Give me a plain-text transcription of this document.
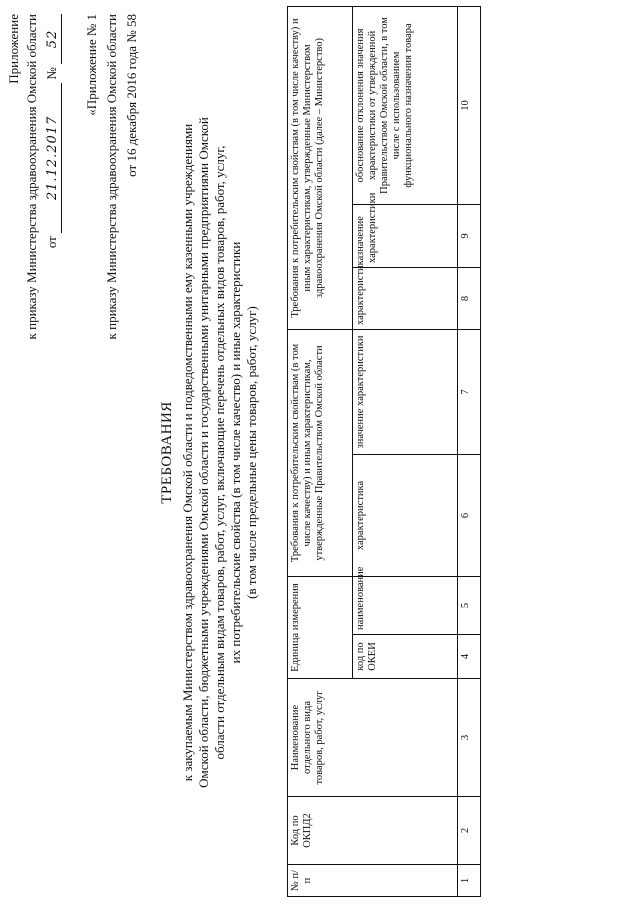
Приложение к приказу Министерства здравоохранения Омской области от 21.12.2017 № 52 «Приложение № 1 к приказу Министерства здравоохранения Омской области от 16 декабря 2016 года № 58
ТРЕБОВАНИЯ к закупаемым Министерством здравоохранения Омской области и подведомственными ему казенными учреждениями Омской области, бюджетными учреждениями Омской области и государственными унитарными предприятиями Омской области отдельным видам товаров, работ, услуг, включающие перечень отдельных видов товаров, работ, услуг, их потребительские свойства (в том числе качество) и иные характеристики (в том числе предельные цены товаров, работ, услуг)
№ п/п	Код по ОКПД2	Наименование отдельного вида товаров, работ, услуг	Единица измерения		Требования к потребительским свойствам (в том числе качеству) и иным характеристикам, утвержденные Правительством Омской области		Требования к потребительским свойствам (в том числе качеству) и иным характеристикам, утвержденные Министерством здравоохранения Омской области (далее – Министерство)		
			код по ОКЕИ	наименование	характеристика	значение характеристики	характеристика	значение характеристики	обоснование отклонения значения характеристики от утвержденной Правительством Омской области, в том числе с использованием функционального назначения товара
1	2	3	4	5	6	7	8	9	10
